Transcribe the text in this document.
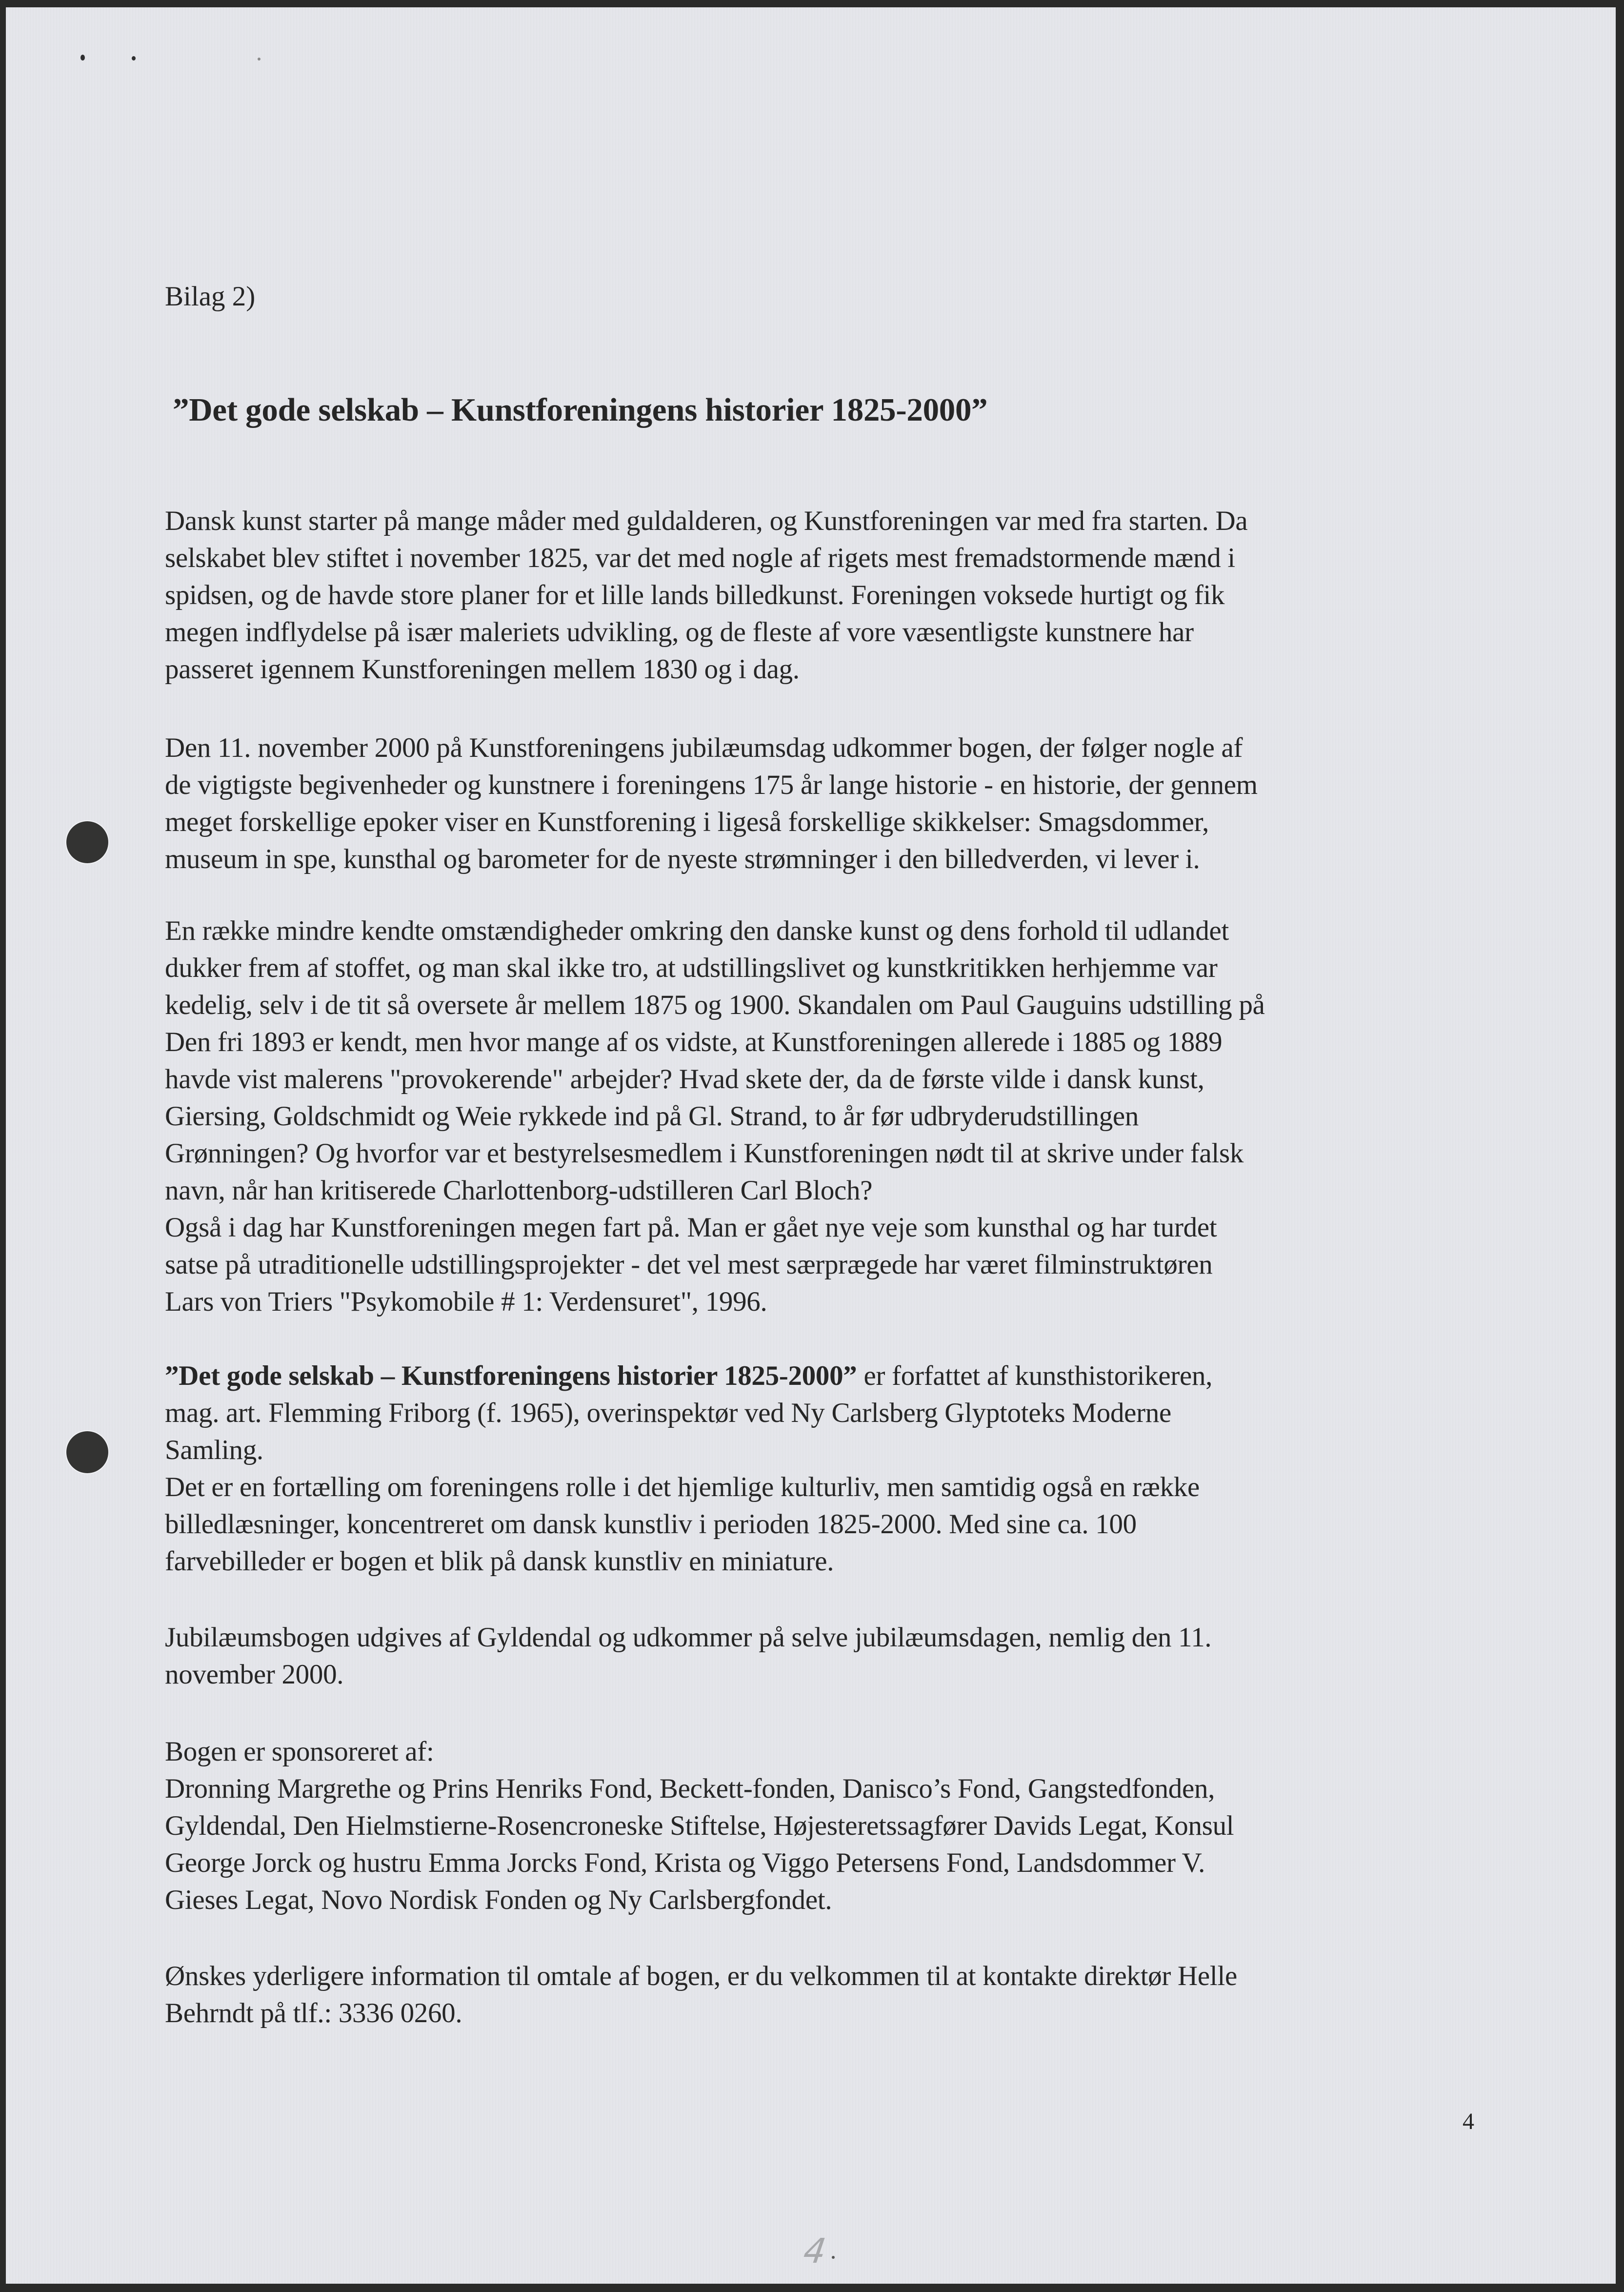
Bilag 2)
”Det gode selskab – Kunstforeningens historier 1825-2000”
Dansk kunst starter på mange måder med guldalderen, og Kunstforeningen var med fra starten. Da
selskabet blev stiftet i november 1825, var det med nogle af rigets mest fremadstormende mænd i
spidsen, og de havde store planer for et lille lands billedkunst. Foreningen voksede hurtigt og fik
megen indflydelse på især maleriets udvikling, og de fleste af vore væsentligste kunstnere har
passeret igennem Kunstforeningen mellem 1830 og i dag.
Den 11. november 2000 på Kunstforeningens jubilæumsdag udkommer bogen, der følger nogle af
de vigtigste begivenheder og kunstnere i foreningens 175 år lange historie - en historie, der gennem
meget forskellige epoker viser en Kunstforening i ligeså forskellige skikkelser: Smagsdommer,
museum in spe, kunsthal og barometer for de nyeste strømninger i den billedverden, vi lever i.
En række mindre kendte omstændigheder omkring den danske kunst og dens forhold til udlandet
dukker frem af stoffet, og man skal ikke tro, at udstillingslivet og kunstkritikken herhjemme var
kedelig, selv i de tit så oversete år mellem 1875 og 1900. Skandalen om Paul Gauguins udstilling på
Den fri 1893 er kendt, men hvor mange af os vidste, at Kunstforeningen allerede i 1885 og 1889
havde vist malerens "provokerende" arbejder? Hvad skete der, da de første vilde i dansk kunst,
Giersing, Goldschmidt og Weie rykkede ind på Gl. Strand, to år før udbryderudstillingen
Grønningen? Og hvorfor var et bestyrelsesmedlem i Kunstforeningen nødt til at skrive under falsk
navn, når han kritiserede Charlottenborg-udstilleren Carl Bloch?
Også i dag har Kunstforeningen megen fart på. Man er gået nye veje som kunsthal og har turdet
satse på utraditionelle udstillingsprojekter - det vel mest særprægede har været filminstruktøren
Lars von Triers "Psykomobile # 1: Verdensuret", 1996.
”Det gode selskab – Kunstforeningens historier 1825-2000” er forfattet af kunsthistorikeren,
mag. art. Flemming Friborg (f. 1965), overinspektør ved Ny Carlsberg Glyptoteks Moderne
Samling.
Det er en fortælling om foreningens rolle i det hjemlige kulturliv, men samtidig også en række
billedlæsninger, koncentreret om dansk kunstliv i perioden 1825-2000. Med sine ca. 100
farvebilleder er bogen et blik på dansk kunstliv en miniature.
Jubilæumsbogen udgives af Gyldendal og udkommer på selve jubilæumsdagen, nemlig den 11.
november 2000.
Bogen er sponsoreret af:
Dronning Margrethe og Prins Henriks Fond, Beckett-fonden, Danisco’s Fond, Gangstedfonden,
Gyldendal, Den Hielmstierne-Rosencroneske Stiftelse, Højesteretssagfører Davids Legat, Konsul
George Jorck og hustru Emma Jorcks Fond, Krista og Viggo Petersens Fond, Landsdommer V.
Gieses Legat, Novo Nordisk Fonden og Ny Carlsbergfondet.
Ønskes yderligere information til omtale af bogen, er du velkommen til at kontakte direktør Helle
Behrndt på tlf.: 3336 0260.
4
4
